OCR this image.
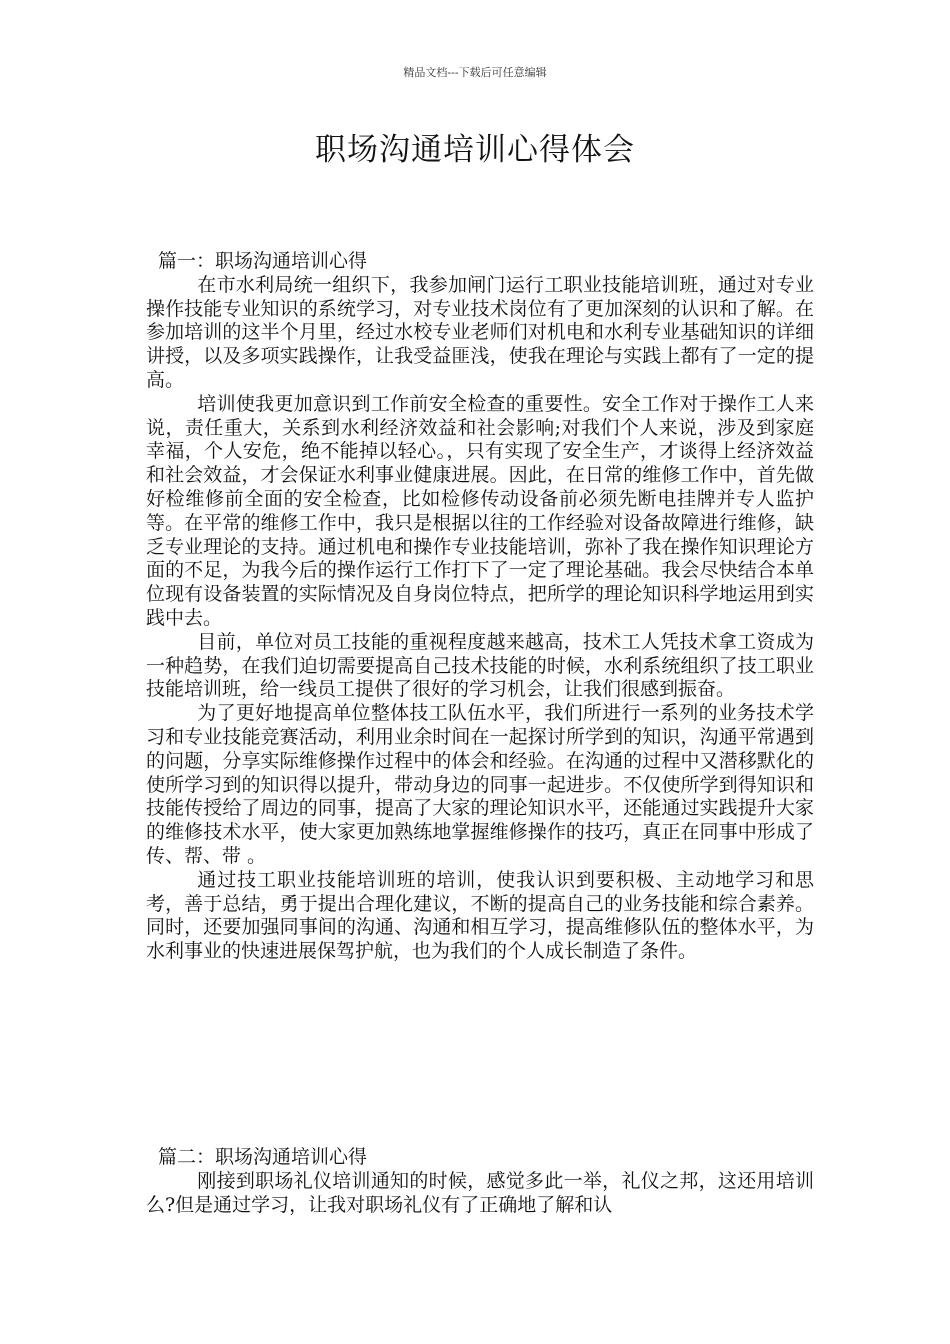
精品文档---下载后可任意编辑
职场沟通培训心得体会
篇一：职场沟通培训心得

在市水利局统一组织下，我参加闸门运行工职业技能培训班，通过对专业操作技能专业知识的系统学习，对专业技术岗位有了更加深刻的认识和了解。在参加培训的这半个月里，经过水校专业老师们对机电和水利专业基础知识的详细讲授，以及多项实践操作，让我受益匪浅，使我在理论与实践上都有了一定的提高。

培训使我更加意识到工作前安全检查的重要性。安全工作对于操作工人来说，责任重大，关系到水利经济效益和社会影响;对我们个人来说，涉及到家庭幸福，个人安危，绝不能掉以轻心。，只有实现了安全生产，才谈得上经济效益和社会效益，才会保证水利事业健康进展。因此，在日常的维修工作中，首先做好检维修前全面的安全检查，比如检修传动设备前必须先断电挂牌并专人监护等。在平常的维修工作中，我只是根据以往的工作经验对设备故障进行维修，缺乏专业理论的支持。通过机电和操作专业技能培训，弥补了我在操作知识理论方面的不足，为我今后的操作运行工作打下了一定了理论基础。我会尽快结合本单位现有设备装置的实际情况及自身岗位特点，把所学的理论知识科学地运用到实践中去。

目前，单位对员工技能的重视程度越来越高，技术工人凭技术拿工资成为一种趋势，在我们迫切需要提高自己技术技能的时候，水利系统组织了技工职业技能培训班，给一线员工提供了很好的学习机会，让我们很感到振奋。

为了更好地提高单位整体技工队伍水平，我们所进行一系列的业务技术学习和专业技能竞赛活动，利用业余时间在一起探讨所学到的知识，沟通平常遇到的问题，分享实际维修操作过程中的体会和经验。在沟通的过程中又潜移默化的使所学习到的知识得以提升，带动身边的同事一起进步。不仅使所学到得知识和技能传授给了周边的同事，提高了大家的理论知识水平，还能通过实践提升大家的维修技术水平，使大家更加熟练地掌握维修操作的技巧，真正在同事中形成了 传、帮、带 。

通过技工职业技能培训班的培训，使我认识到要积极、主动地学习和思考，善于总结，勇于提出合理化建议，不断的提高自己的业务技能和综合素养。同时，还要加强同事间的沟通、沟通和相互学习，提高维修队伍的整体水平，为水利事业的快速进展保驾护航，也为我们的个人成长制造了条件。

篇二：职场沟通培训心得

刚接到职场礼仪培训通知的时候，感觉多此一举，礼仪之邦，这还用培训么?但是通过学习，让我对职场礼仪有了正确地了解和认
